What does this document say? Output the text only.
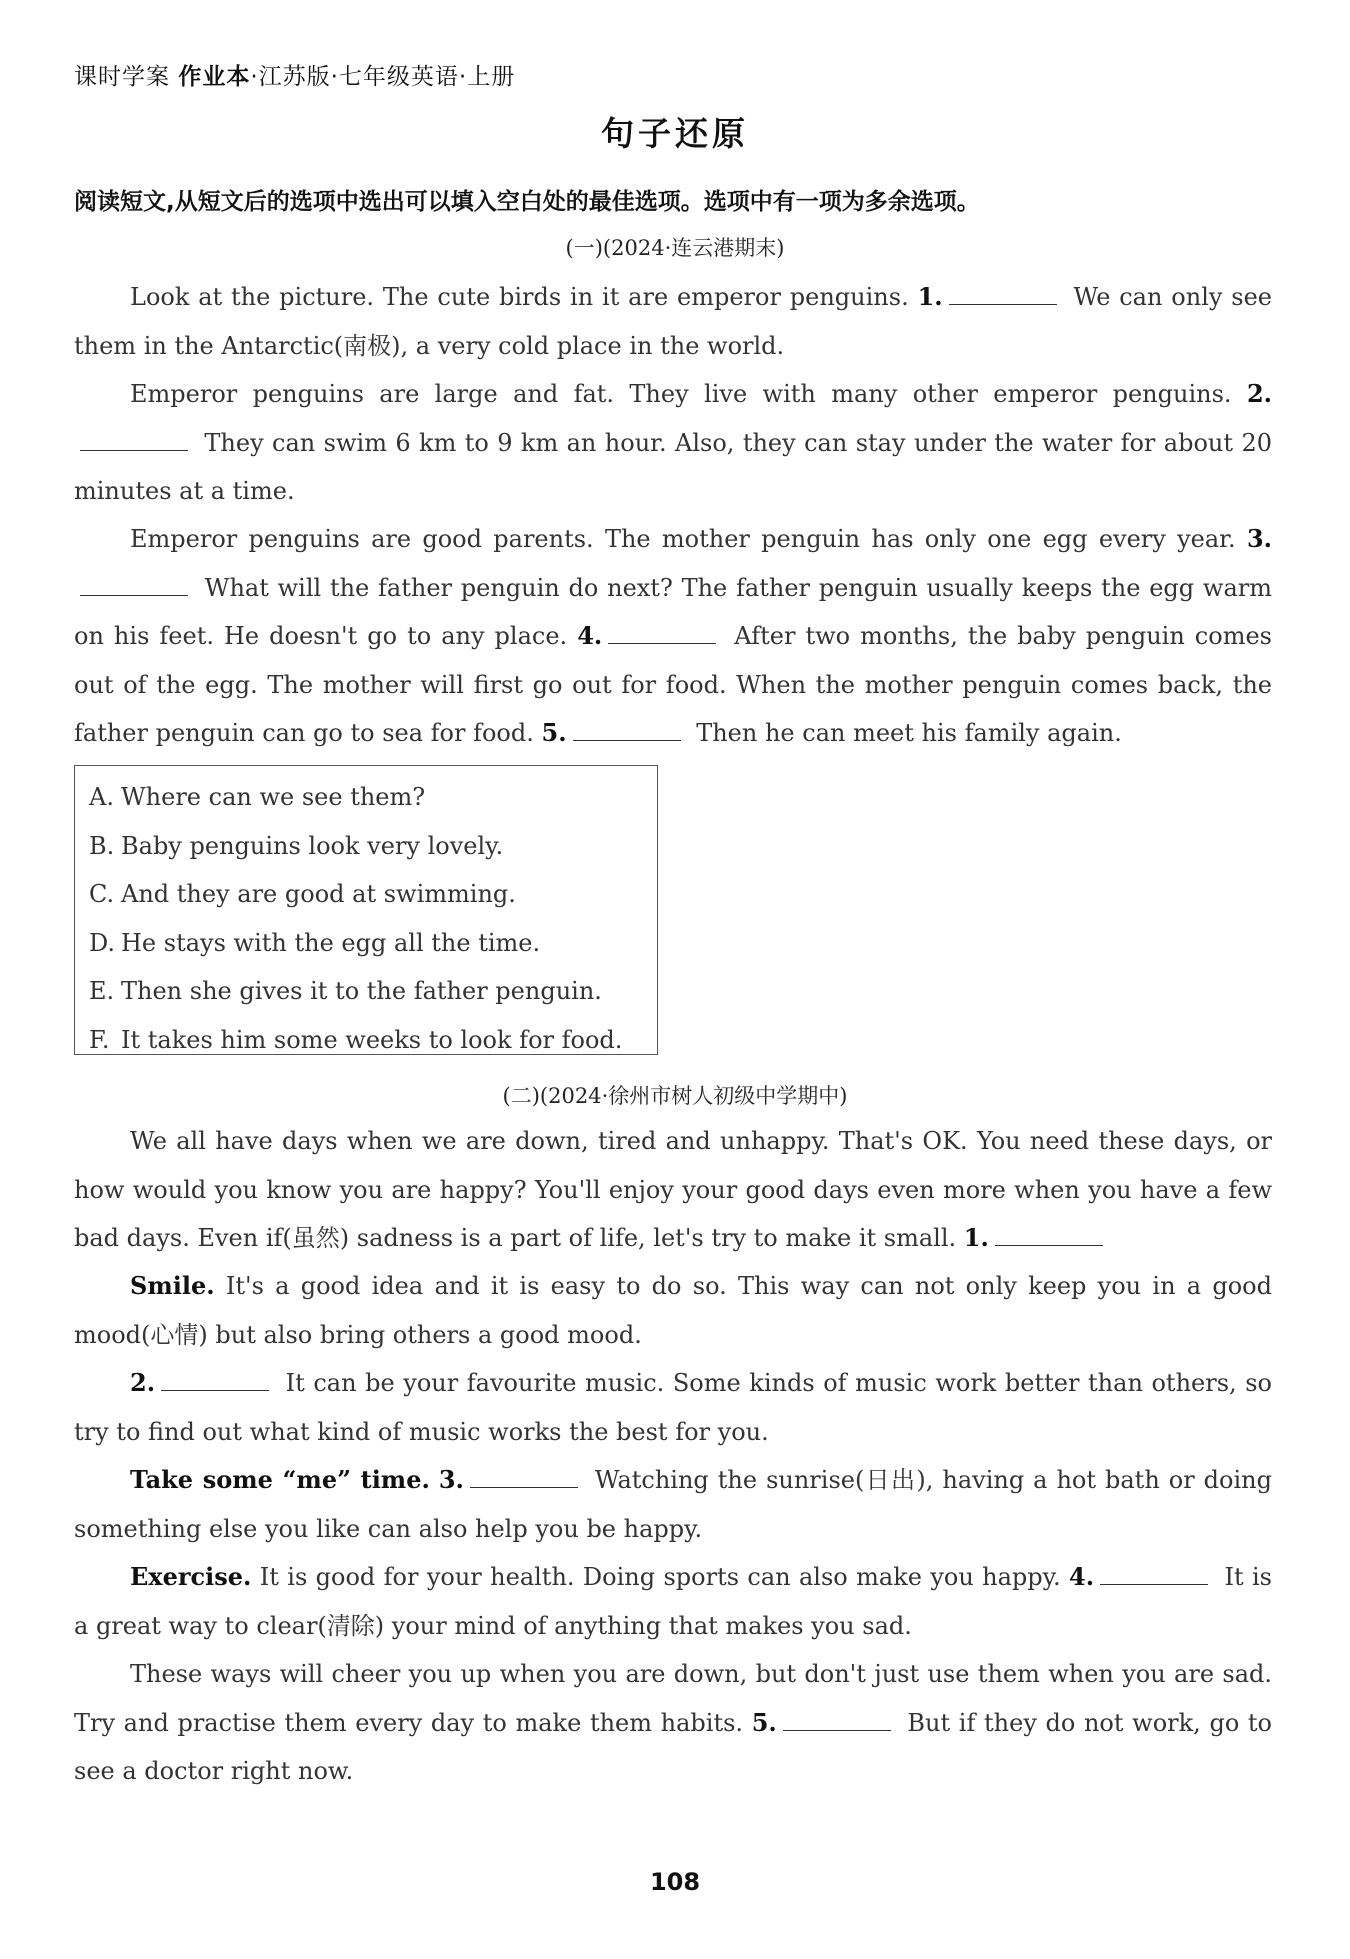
课时学案 作业本·江苏版·七年级英语·上册
句子还原
阅读短文,从短文后的选项中选出可以填入空白处的最佳选项。选项中有一项为多余选项。
(一)(2024·连云港期末)

Look at the picture. The cute birds in it are emperor penguins. 1.	We can only see them in the Antarctic(南极), a very cold place in the world.

Emperor penguins are large and fat. They live with many other emperor penguins. 2. They can swim 6 km to 9 km an hour. Also, they can stay under the water for about 20 minutes at a time.

Emperor penguins are good parents. The mother penguin has only one egg every year. 3. What will the father penguin do next? The father penguin usually keeps the egg warm on his feet. He doesn't go to any place. 4.	After two months, the baby penguin comes out of the egg. The mother will first go out for food. When the mother penguin comes back, the father penguin can go to sea for food. 5.	Then he can meet his family again.

A. Where can we see them?
B. Baby penguins look very lovely.
C. And they are good at swimming.
D. He stays with the egg all the time.
E. Then she gives it to the father penguin.
F. It takes him some weeks to look for food.
(二)(2024·徐州市树人初级中学期中)

We all have days when we are down, tired and unhappy. That's OK. You need these days, or how would you know you are happy? You'll enjoy your good days even more when you have a few bad days. Even if(虽然) sadness is a part of life, let's try to make it small. 1.

Smile. It's a good idea and it is easy to do so. This way can not only keep you in a good mood(心情) but also bring others a good mood.

2.	It can be your favourite music. Some kinds of music work better than others, so try to find out what kind of music works the best for you.

Take some “me” time. 3.	Watching the sunrise(日出), having a hot bath or doing something else you like can also help you be happy.

Exercise. It is good for your health. Doing sports can also make you happy. 4.	It is a great way to clear(清除) your mind of anything that makes you sad.

These ways will cheer you up when you are down, but don't just use them when you are sad. Try and practise them every day to make them habits. 5.	But if they do not work, go to see a doctor right now.

108
